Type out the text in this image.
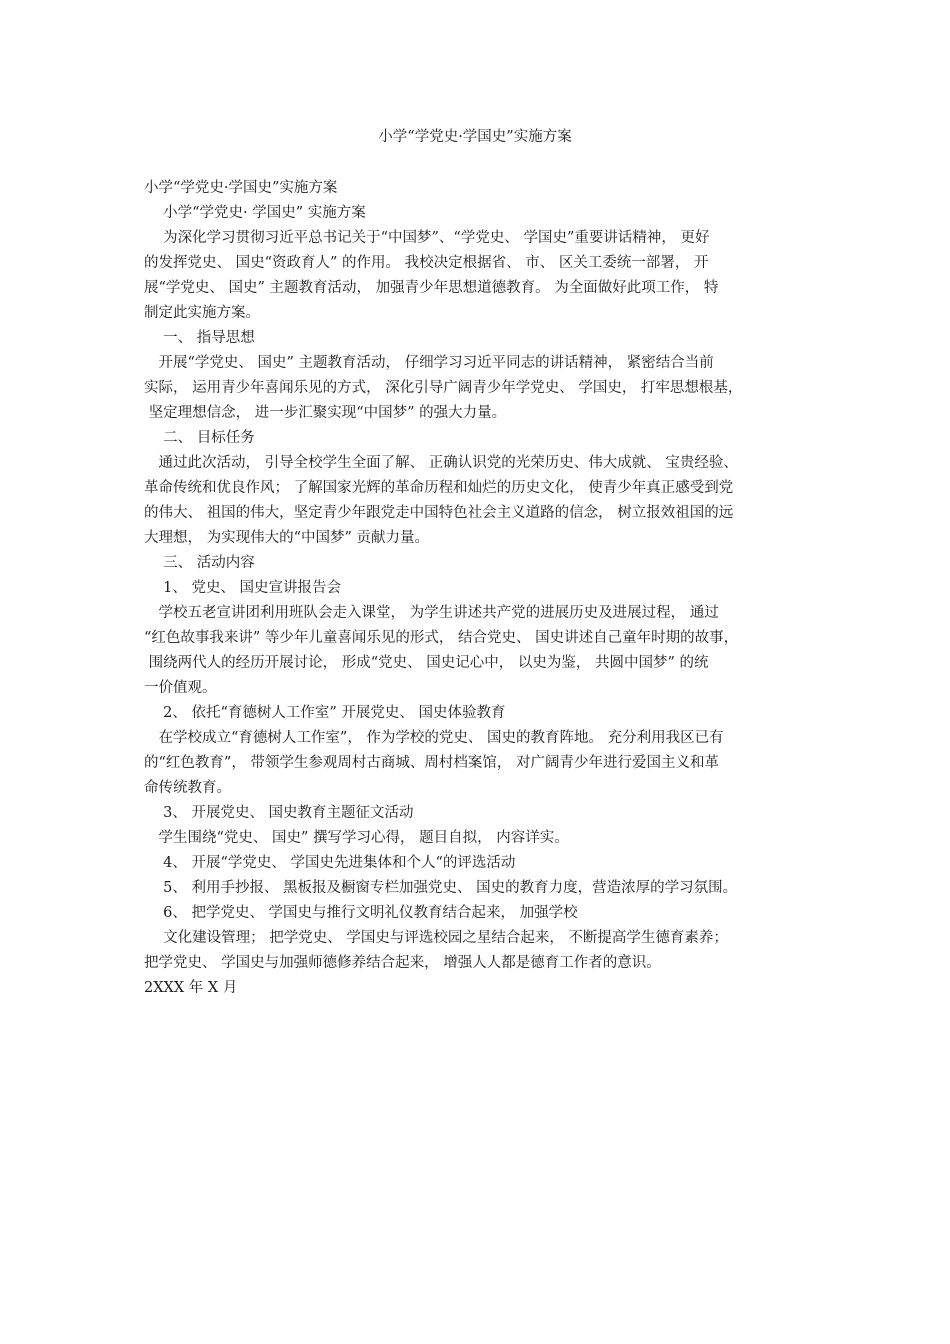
小学“学党史·学国史”实施方案
小学“学党史·学国史”实施方案
　 小学“学党史· 学国史” 实施方案
　 为深化学习贯彻习近平总书记关于“中国梦”、“学党史、 学国史”重要讲话精神， 更好
的发挥党史、 国史“资政育人” 的作用。 我校决定根据省、 市、 区关工委统一部署， 开
展“学党史、 国史” 主题教育活动， 加强青少年思想道德教育。 为全面做好此项工作， 特
制定此实施方案。
　 一、 指导思想
　开展“学党史、 国史” 主题教育活动， 仔细学习习近平同志的讲话精神， 紧密结合当前
实际， 运用青少年喜闻乐见的方式， 深化引导广阔青少年学党史、 学国史， 打牢思想根基，
坚定理想信念， 进一步汇聚实现“中国梦” 的强大力量。
　 二、 目标任务
　通过此次活动， 引导全校学生全面了解、 正确认识党的光荣历史、伟大成就、 宝贵经验、
革命传统和优良作风； 了解国家光辉的革命历程和灿烂的历史文化， 使青少年真正感受到党
的伟大、 祖国的伟大，坚定青少年跟党走中国特色社会主义道路的信念， 树立报效祖国的远
大理想， 为实现伟大的“中国梦” 贡献力量。
　 三、 活动内容
　 1、 党史、 国史宣讲报告会
　学校五老宣讲团利用班队会走入课堂， 为学生讲述共产党的进展历史及进展过程， 通过
“红色故事我来讲” 等少年儿童喜闻乐见的形式， 结合党史、 国史讲述自己童年时期的故事，
围绕两代人的经历开展讨论， 形成“党史、 国史记心中， 以史为鉴， 共圆中国梦” 的统
一价值观。
　 2、 依托“育德树人工作室” 开展党史、 国史体验教育
　在学校成立“育德树人工作室”， 作为学校的党史、 国史的教育阵地。 充分利用我区已有
的“红色教育”， 带领学生参观周村古商城、周村档案馆， 对广阔青少年进行爱国主义和革
命传统教育。
　 3、 开展党史、 国史教育主题征文活动
　学生围绕“党史、 国史” 撰写学习心得， 题目自拟， 内容详实。
　 4、 开展“学党史、 学国史先进集体和个人“的评选活动
　 5、 利用手抄报、 黑板报及橱窗专栏加强党史、 国史的教育力度，营造浓厚的学习氛围。
　 6、 把学党史、 学国史与推行文明礼仪教育结合起来， 加强学校
　 文化建设管理； 把学党史、 学国史与评选校园之星结合起来， 不断提高学生德育素养；
把学党史、 学国史与加强师德修养结合起来， 增强人人都是德育工作者的意识。
2XXX 年 X 月
